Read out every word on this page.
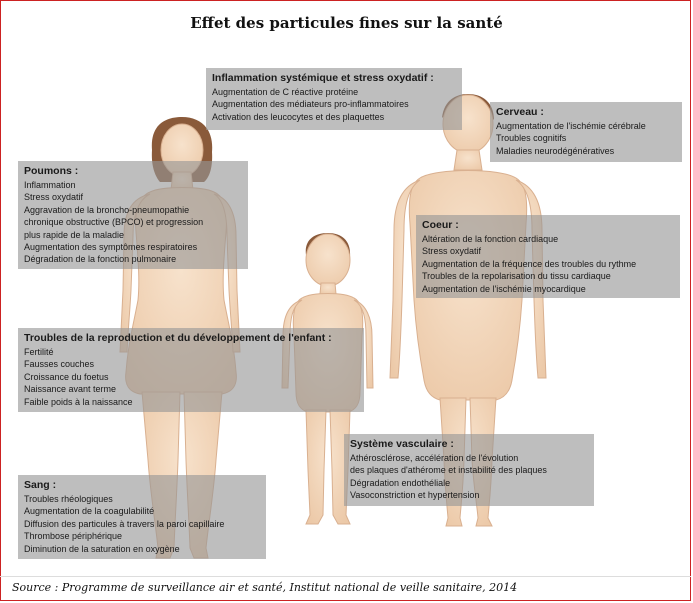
Effet des particules fines sur la santé
Inflammation systémique et stress oxydatif :
Augmentation de C réactive protéine
Augmentation des médiateurs pro-inflammatoires
Activation des leucocytes et des plaquettes	Cerveau :
Augmentation de l'ischémie cérébrale
Troubles cognitifs
Maladies neurodégénératives
Poumons :
Inflammation
Stress oxydatif
Aggravation de la broncho-pneumopathie
chronique obstructive (BPCO) et progression
plus rapide de la maladie
Augmentation des symptômes respiratoires
Dégradation de la fonction pulmonaire
Coeur :
Altération de la fonction cardiaque
Stress oxydatif
Augmentation de la fréquence des troubles du rythme
Troubles de la repolarisation du tissu cardiaque
Augmentation de l'ischémie myocardique
Troubles de la reproduction et du développement de l'enfant :
Fertilité
Fausses couches
Croissance du foetus
Naissance avant terme
Faible poids à la naissance
Système vasculaire :
Athérosclérose, accélération de l'évolution
des plaques d'athérome et instabilité des plaques
Dégradation endothéliale
Vasoconstriction et hypertension
Sang :
Troubles rhéologiques
Augmentation de la coagulabilité
Diffusion des particules à travers la paroi capillaire
Thrombose périphérique
Diminution de la saturation en oxygène
Source : Programme de surveillance air et santé, Institut national de veille sanitaire, 2014
